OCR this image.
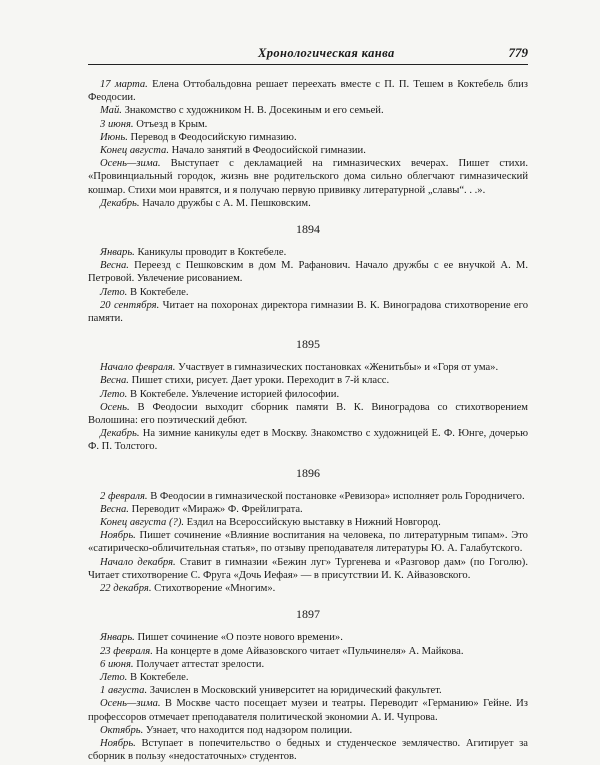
Хронологическая канва	779

17 марта. Елена Оттобальдовна решает переехать вместе с П. П. Тешем в Коктебель близ Феодосии.

Май. Знакомство с художником Н. В. Досекиным и его семьей.

3 июня. Отъезд в Крым.

Июнь. Перевод в Феодосийскую гимназию.

Конец августа. Начало занятий в Феодосийской гимназии.

Осень—зима. Выступает с декламацией на гимназических вечерах. Пишет стихи. «Провинциальный городок, жизнь вне родительского дома сильно облегчают гимназический кошмар. Стихи мои нравятся, и я получаю первую прививку литературной „славы“. . .».

Декабрь. Начало дружбы с А. М. Пешковским.

1894

Январь. Каникулы проводит в Коктебеле.

Весна. Переезд с Пешковским в дом М. Рафанович. Начало дружбы с ее внучкой А. М. Петровой. Увлечение рисованием.

Лето. В Коктебеле.

20 сентября. Читает на похоронах директора гимназии В. К. Виноградова стихотворение его памяти.

1895

Начало февраля. Участвует в гимназических постановках «Женитьбы» и «Горя от ума».

Весна. Пишет стихи, рисует. Дает уроки. Переходит в 7-й класс.

Лето. В Коктебеле. Увлечение историей философии.

Осень. В Феодосии выходит сборник памяти В. К. Виноградова со стихотворением Волошина: его поэтический дебют.

Декабрь. На зимние каникулы едет в Москву. Знакомство с художницей Е. Ф. Юнге, дочерью Ф. П. Толстого.

1896

2 февраля. В Феодосии в гимназической постановке «Ревизора» исполняет роль Городничего.

Весна. Переводит «Мираж» Ф. Фрейлиграта.

Конец августа (?). Ездил на Всероссийскую выставку в Нижний Новгород.

Ноябрь. Пишет сочинение «Влияние воспитания на человека, по литературным типам». Это «сатирическо-обличительная статья», по отзыву преподавателя литературы Ю. А. Галабутского.

Начало декабря. Ставит в гимназии «Бежин луг» Тургенева и «Разговор дам» (по Гоголю). Читает стихотворение С. Фруга «Дочь Иефая» — в присутствии И. К. Айвазовского.

22 декабря. Стихотворение «Многим».

1897

Январь. Пишет сочинение «О поэте нового времени».

23 февраля. На концерте в доме Айвазовского читает «Пульчинеля» А. Майкова.

6 июня. Получает аттестат зрелости.

Лето. В Коктебеле.

1 августа. Зачислен в Московский университет на юридический факультет.

Осень—зима. В Москве часто посещает музеи и театры. Переводит «Германию» Гейне. Из профессоров отмечает преподавателя политической экономии А. И. Чупрова.

Октябрь. Узнает, что находится под надзором полиции.

Ноябрь. Вступает в попечительство о бедных и студенческое землячество. Агитирует за сборник в пользу «недостаточных» студентов.
